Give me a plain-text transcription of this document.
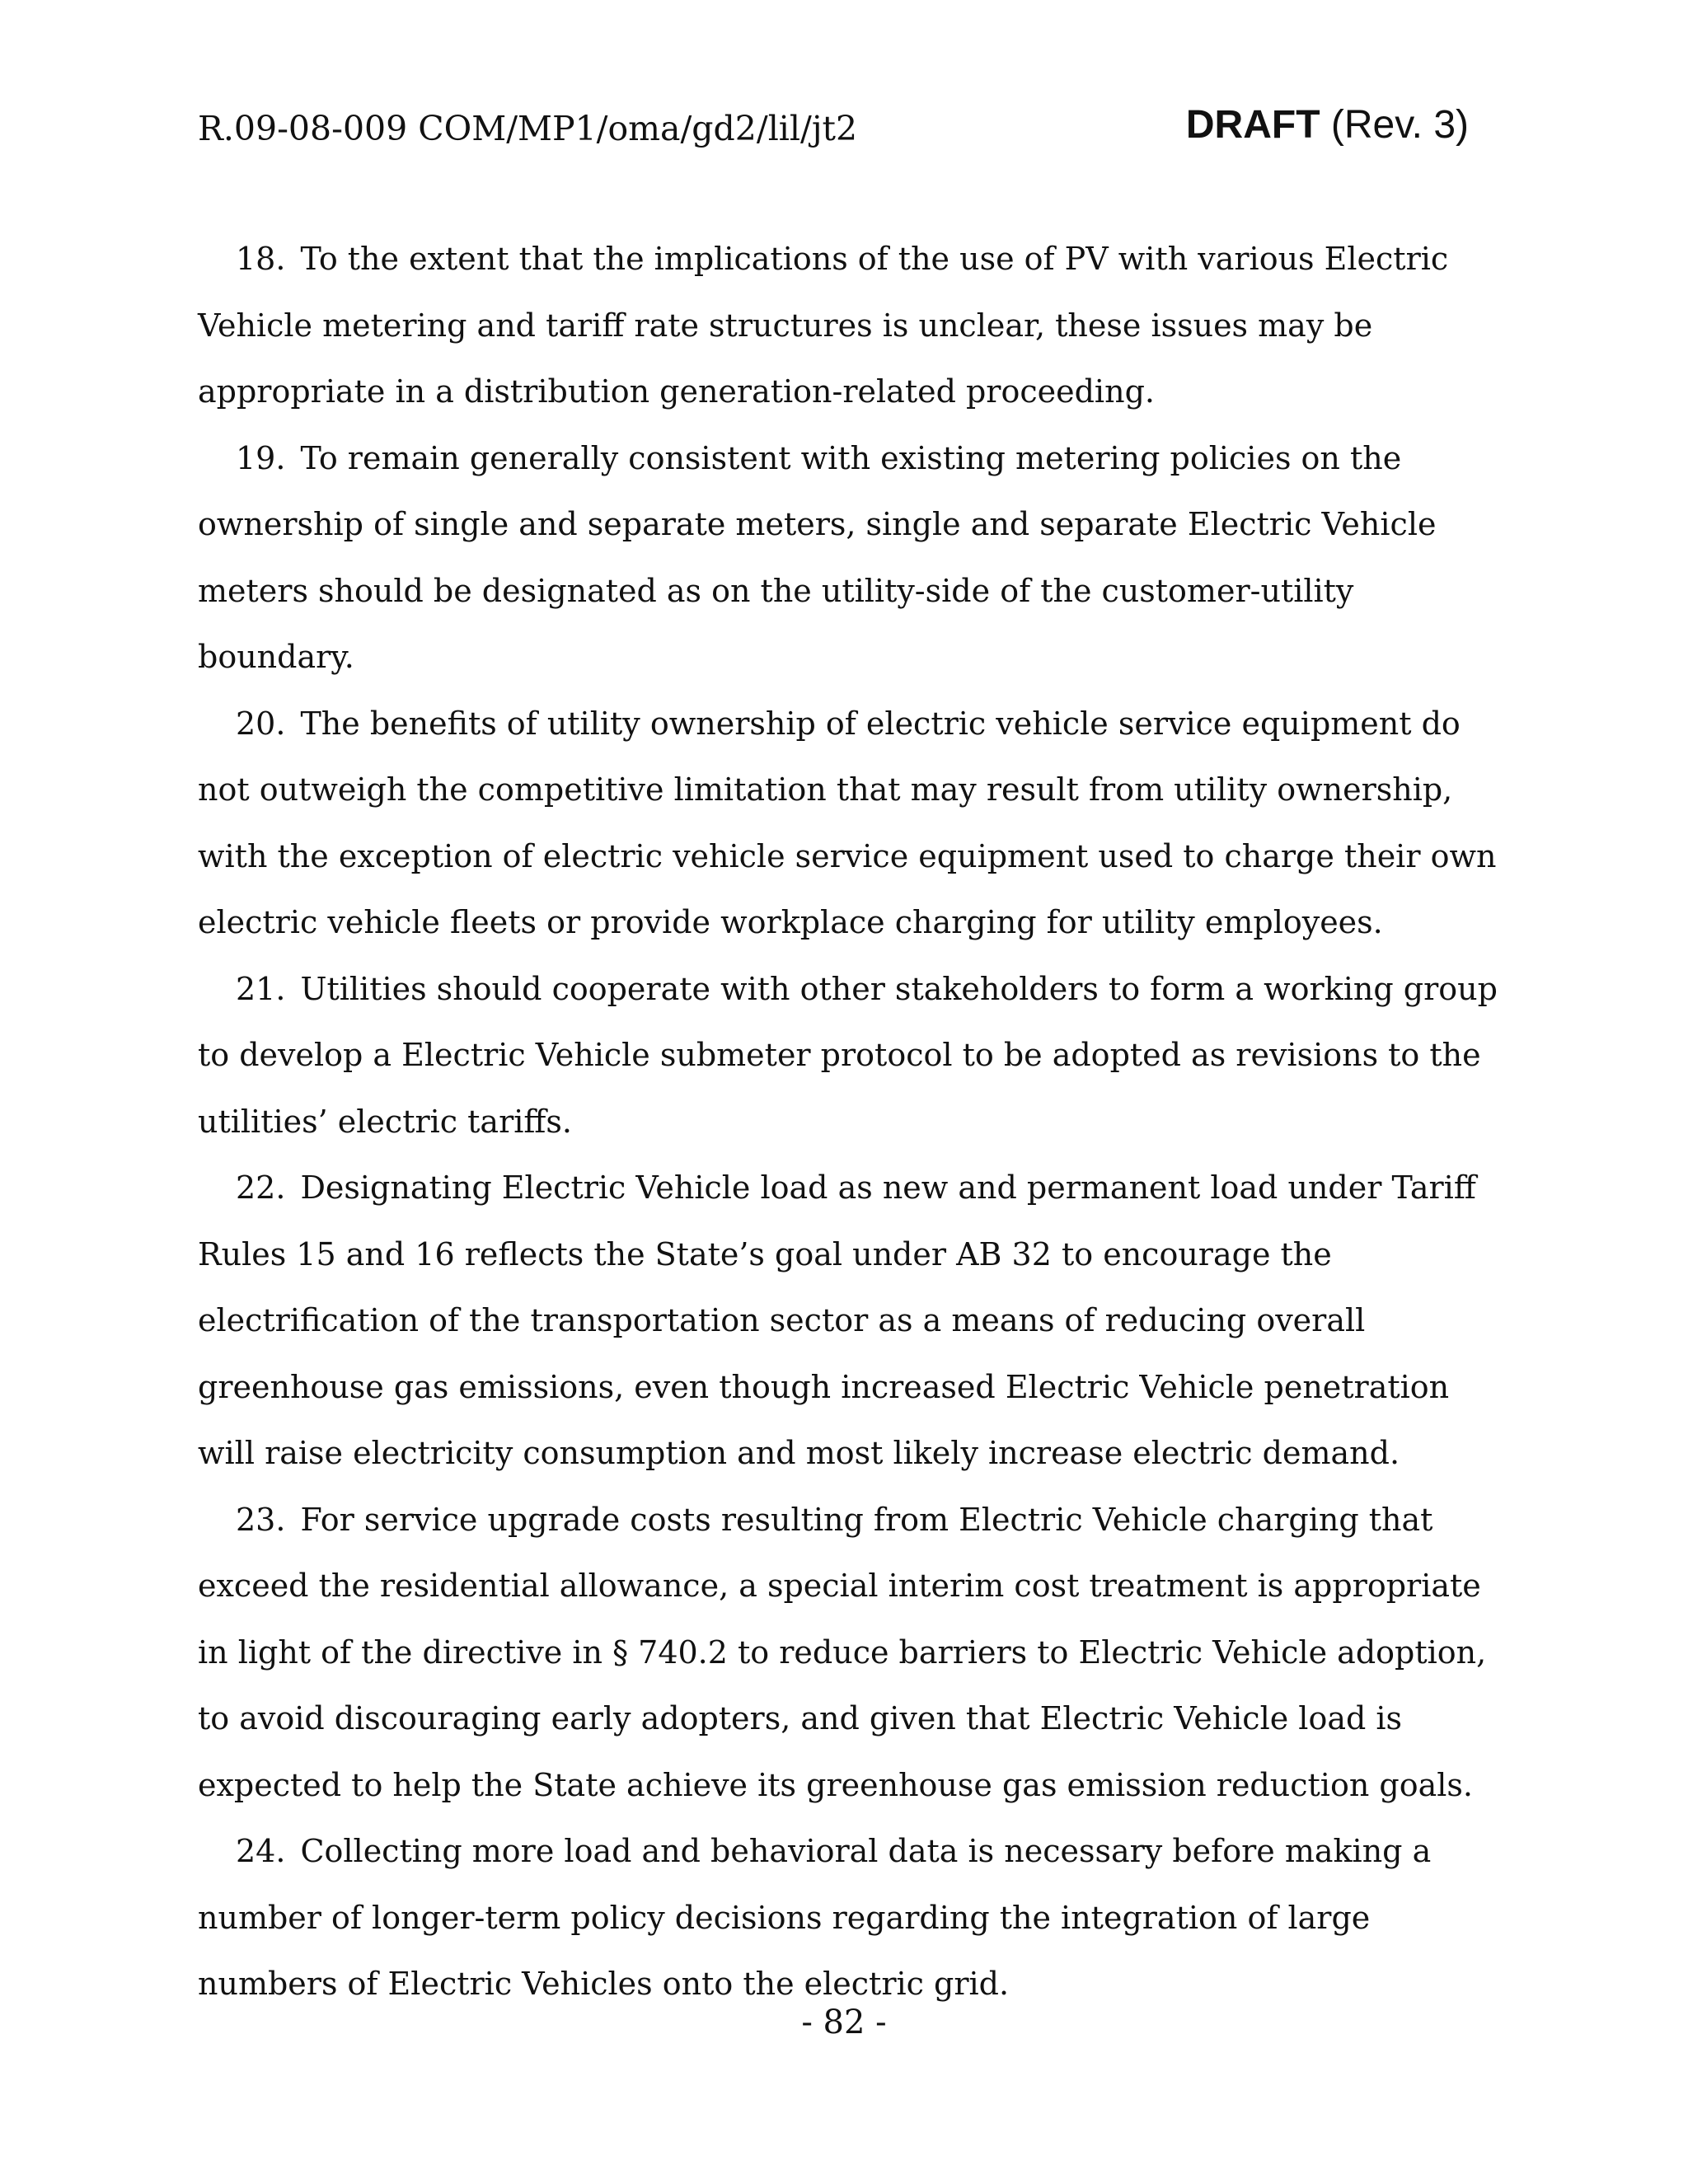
R.09-08-009 COM/MP1/oma/gd2/lil/jt2	DRAFT (Rev. 3)

18. To the extent that the implications of the use of PV with various Electric Vehicle metering and tariff rate structures is unclear, these issues may be appropriate in a distribution generation-related proceeding.

19. To remain generally consistent with existing metering policies on the ownership of single and separate meters, single and separate Electric Vehicle meters should be designated as on the utility-side of the customer-utility boundary.

20. The benefits of utility ownership of electric vehicle service equipment do not outweigh the competitive limitation that may result from utility ownership, with the exception of electric vehicle service equipment used to charge their own electric vehicle fleets or provide workplace charging for utility employees.

21. Utilities should cooperate with other stakeholders to form a working group to develop a Electric Vehicle submeter protocol to be adopted as revisions to the utilities’ electric tariffs.

22. Designating Electric Vehicle load as new and permanent load under Tariff Rules 15 and 16 reflects the State’s goal under AB 32 to encourage the electrification of the transportation sector as a means of reducing overall greenhouse gas emissions, even though increased Electric Vehicle penetration will raise electricity consumption and most likely increase electric demand.

23. For service upgrade costs resulting from Electric Vehicle charging that exceed the residential allowance, a special interim cost treatment is appropriate in light of the directive in § 740.2 to reduce barriers to Electric Vehicle adoption, to avoid discouraging early adopters, and given that Electric Vehicle load is expected to help the State achieve its greenhouse gas emission reduction goals.

24. Collecting more load and behavioral data is necessary before making a number of longer-term policy decisions regarding the integration of large numbers of Electric Vehicles onto the electric grid.

- 82 -
